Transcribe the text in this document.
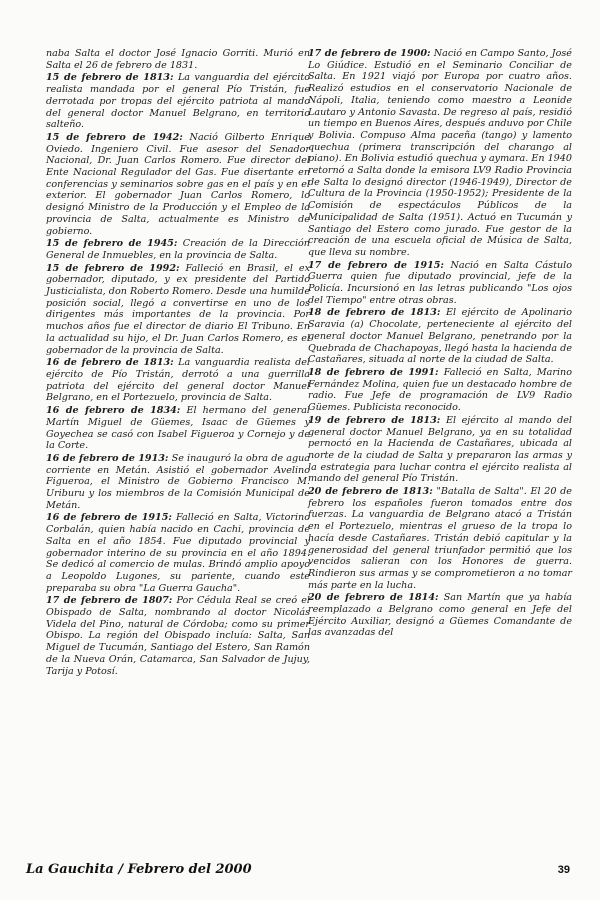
naba Salta el doctor José Ignacio Gorriti. Murió en Salta el 26 de febrero de 1831.

15 de febrero de 1813: La vanguardia del ejército realista mandada por el general Pío Tristán, fue derrotada por tropas del ejército patriota al mando del general doctor Manuel Belgrano, en territorio salteño.

15 de febrero de 1942: Nació Gilberto Enrique Oviedo. Ingeniero Civil. Fue asesor del Senador Nacional, Dr. Juan Carlos Romero. Fue director del Ente Nacional Regulador del Gas. Fue disertante en conferencias y seminarios sobre gas en el país y en el exterior. El gobernador Juan Carlos Romero, lo designó Ministro de la Producción y el Empleo de la provincia de Salta, actualmente es Ministro de gobierno.

15 de febrero de 1945: Creación de la Dirección General de Inmuebles, en la provincia de Salta.

15 de febrero de 1992: Falleció en Brasil, el ex gobernador, diputado, y ex presidente del Partido Justicialista, don Roberto Romero. Desde una humilde posición social, llegó a convertirse en uno de los dirigentes más importantes de la provincia. Por muchos años fue el director de diario El Tribuno. En la actualidad su hijo, el Dr. Juan Carlos Romero, es el gobernador de la provincia de Salta.

16 de febrero de 1813: La vanguardia realista del ejército de Pío Tristán, derrotó a una guerrilla patriota del ejército del general doctor Manuel Belgrano, en el Portezuelo, provincia de Salta.

16 de febrero de 1834: El hermano del general Martín Miguel de Güemes, Isaac de Güemes y Goyechea se casó con Isabel Figueroa y Cornejo y de la Corte.

16 de febrero de 1913: Se inauguró la obra de agua corriente en Metán. Asistió el gobernador Avelino Figueroa, el Ministro de Gobierno Francisco M. Uriburu y los miembros de la Comisión Municipal de Metán.

16 de febrero de 1915: Falleció en Salta, Victorino Corbalán, quien había nacido en Cachi, provincia de Salta en el año 1854. Fue diputado provincial y gobernador interino de su provincia en el año 1894. Se dedicó al comercio de mulas. Brindó amplio apoyo a Leopoldo Lugones, su pariente, cuando este preparaba su obra "La Guerra Gaucha".

17 de febrero de 1807: Por Cédula Real se creó el Obispado de Salta, nombrando al doctor Nicolás Videla del Pino, natural de Córdoba; como su primer Obispo. La región del Obispado incluía: Salta, San Miguel de Tucumán, Santiago del Estero, San Ramón de la Nueva Orán, Catamarca, San Salvador de Jujuy, Tarija y Potosí.

17 de febrero de 1900: Nació en Campo Santo, José Lo Giúdice. Estudió en el Seminario Conciliar de Salta. En 1921 viajó por Europa por cuatro años. Realizó estudios en el conservatorio Nacionale de Nápoli, Italia, teniendo como maestro a Leonide Lautaro y Antonio Savasta. De regreso al país, residió un tiempo en Buenos Aires, después anduvo por Chile y Bolivia. Compuso Alma paceña (tango) y lamento quechua (primera transcripción del charango al piano). En Bolivia estudió quechua y aymara. En 1940 retornó a Salta donde la emisora LV9 Radio Provincia de Salta lo designó director (1946-1949), Director de Cultura de la Provincia (1950-1952); Presidente de la Comisión de espectáculos Públicos de la Municipalidad de Salta (1951). Actuó en Tucumán y Santiago del Estero como jurado. Fue gestor de la creación de una escuela oficial de Música de Salta, que lleva su nombre.

17 de febrero de 1915: Nació en Salta Cástulo Guerra quien fue diputado provincial, jefe de la Policía. Incursionó en las letras publicando "Los ojos del Tiempo" entre otras obras.

18 de febrero de 1813: El ejército de Apolinario Saravia (a) Chocolate, perteneciente al ejército del general doctor Manuel Belgrano, penetrando por la Quebrada de Chachapoyas, llegó hasta la hacienda de Castañares, situada al norte de la ciudad de Salta.

18 de febrero de 1991: Falleció en Salta, Marino Fernández Molina, quien fue un destacado hombre de radio. Fue Jefe de programación de LV9 Radio Güemes. Publicista reconocido.

19 de febrero de 1813: El ejército al mando del general doctor Manuel Belgrano, ya en su totalidad pernoctó en la Hacienda de Castañares, ubicada al norte de la ciudad de Salta y prepararon las armas y la estrategia para luchar contra el ejército realista al mando del general Pío Tristán.

20 de febrero de 1813: "Batalla de Salta". El 20 de febrero los españoles fueron tomados entre dos fuerzas. La vanguardia de Belgrano atacó a Tristán en el Portezuelo, mientras el grueso de la tropa lo hacía desde Castañares. Tristán debió capitular y la generosidad del general triunfador permitió que los vencidos salieran con los Honores de guerra. Rindieron sus armas y se comprometieron a no tomar más parte en la lucha.

20 de febrero de 1814: San Martín que ya había reemplazado a Belgrano como general en Jefe del Ejército Auxiliar, designó a Güemes Comandante de las avanzadas del

La Gauchita / Febrero del 2000	39
